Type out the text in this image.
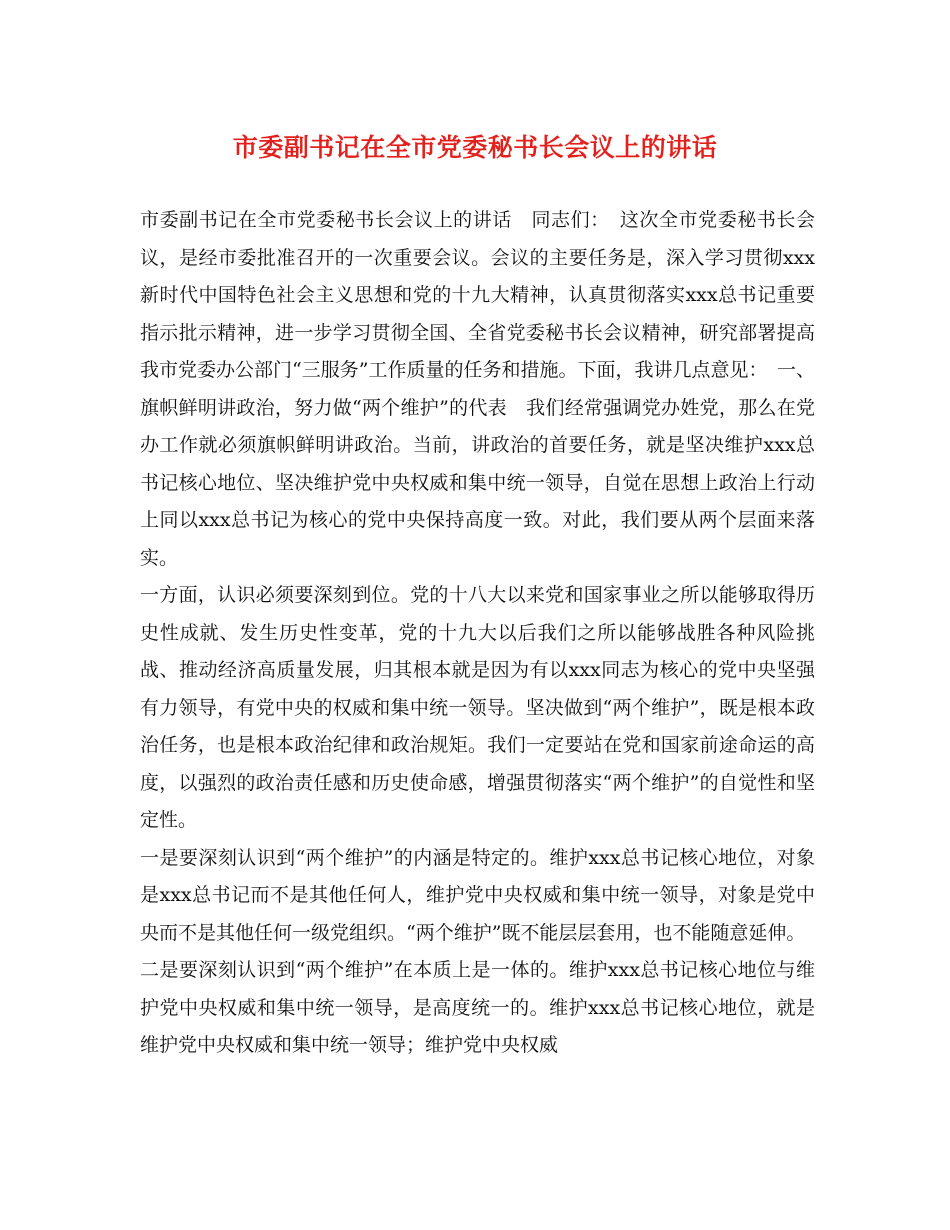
市委副书记在全市党委秘书长会议上的讲话

市委副书记在全市党委秘书长会议上的讲话　同志们：　这次全市党委秘书长会议，是经市委批准召开的一次重要会议。会议的主要任务是，深入学习贯彻xxx新时代中国特色社会主义思想和党的十九大精神，认真贯彻落实xxx总书记重要指示批示精神，进一步学习贯彻全国、全省党委秘书长会议精神，研究部署提高我市党委办公部门“三服务”工作质量的任务和措施。下面，我讲几点意见：　一、旗帜鲜明讲政治，努力做“两个维护”的代表　我们经常强调党办姓党，那么在党办工作就必须旗帜鲜明讲政治。当前，讲政治的首要任务，就是坚决维护xxx总书记核心地位、坚决维护党中央权威和集中统一领导，自觉在思想上政治上行动上同以xxx总书记为核心的党中央保持高度一致。对此，我们要从两个层面来落实。

一方面，认识必须要深刻到位。党的十八大以来党和国家事业之所以能够取得历史性成就、发生历史性变革，党的十九大以后我们之所以能够战胜各种风险挑战、推动经济高质量发展，归其根本就是因为有以xxx同志为核心的党中央坚强有力领导，有党中央的权威和集中统一领导。坚决做到“两个维护”，既是根本政治任务，也是根本政治纪律和政治规矩。我们一定要站在党和国家前途命运的高度，以强烈的政治责任感和历史使命感，增强贯彻落实“两个维护”的自觉性和坚定性。

一是要深刻认识到“两个维护”的内涵是特定的。维护xxx总书记核心地位，对象是xxx总书记而不是其他任何人，维护党中央权威和集中统一领导，对象是党中央而不是其他任何一级党组织。“两个维护”既不能层层套用，也不能随意延伸。

二是要深刻认识到“两个维护”在本质上是一体的。维护xxx总书记核心地位与维护党中央权威和集中统一领导，是高度统一的。维护xxx总书记核心地位，就是维护党中央权威和集中统一领导；维护党中央权威
